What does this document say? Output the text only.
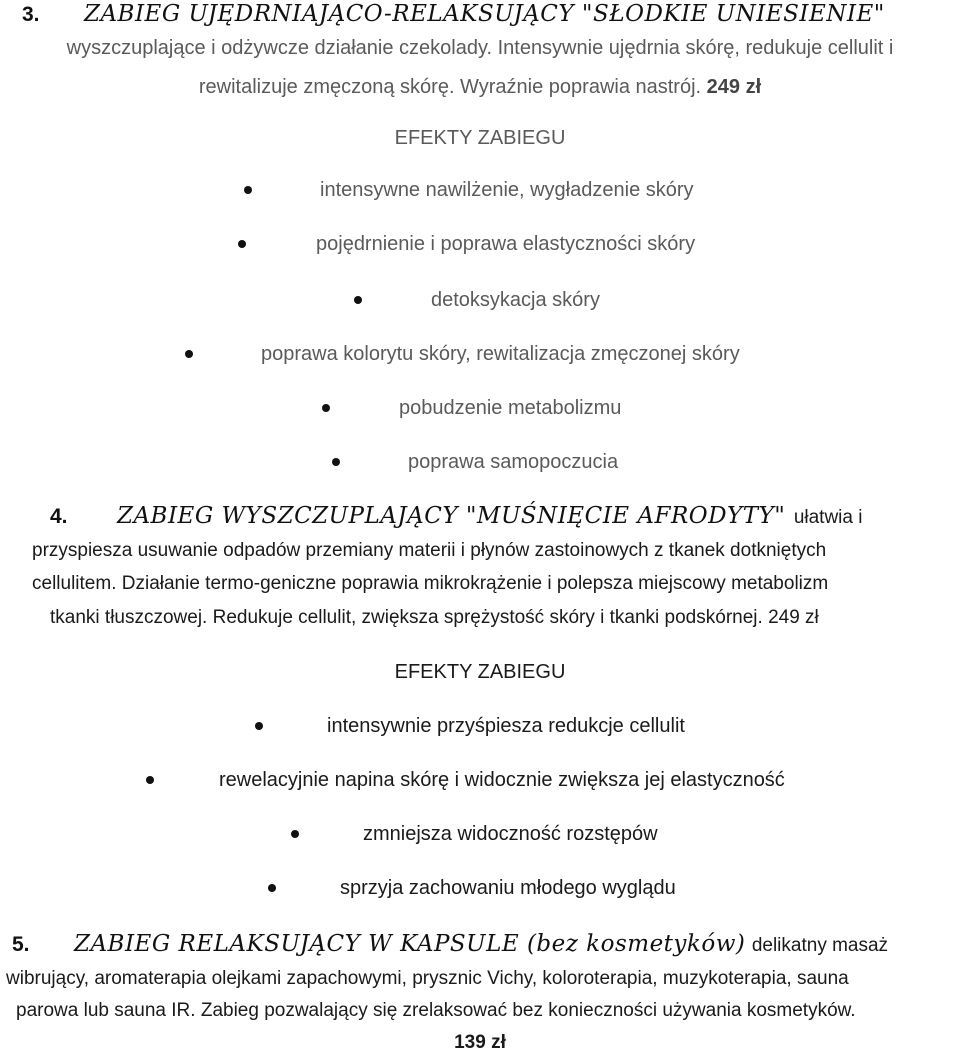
3. ZABIEG UJĘDRNIAJĄCO-RELAKSUJĄCY "SŁODKIE UNIESIENIE"
wyszczuplające i odżywcze działanie czekolady. Intensywnie ujędrnia skórę, redukuje cellulit i
rewitalizuje zmęczoną skórę. Wyraźnie poprawia nastrój. 249 zł
EFEKTY ZABIEGU
intensywne nawilżenie, wygładzenie skóry
pojędrnienie i poprawa elastyczności skóry
detoksykacja skóry
poprawa kolorytu skóry, rewitalizacja zmęczonej skóry
pobudzenie metabolizmu
poprawa samopoczucia
4. ZABIEG WYSZCZUPLAJĄCY "MUŚNIĘCIE AFRODYTY" ułatwia i
przyspiesza usuwanie odpadów przemiany materii i płynów zastoinowych z tkanek dotkniętych
cellulitem. Działanie termo-geniczne poprawia mikrokrążenie i polepsza miejscowy metabolizm
tkanki tłuszczowej. Redukuje cellulit, zwiększa sprężystość skóry i tkanki podskórnej. 249 zł
EFEKTY ZABIEGU
intensywnie przyśpiesza redukcje cellulit
rewelacyjnie napina skórę i widocznie zwiększa jej elastyczność
zmniejsza widoczność rozstępów
sprzyja zachowaniu młodego wyglądu
5. ZABIEG RELAKSUJĄCY W KAPSULE (bez kosmetyków) delikatny masaż
wibrujący, aromaterapia olejkami zapachowymi, prysznic Vichy, koloroterapia, muzykoterapia, sauna
parowa lub sauna IR. Zabieg pozwalający się zrelaksować bez konieczności używania kosmetyków.
139 zł
